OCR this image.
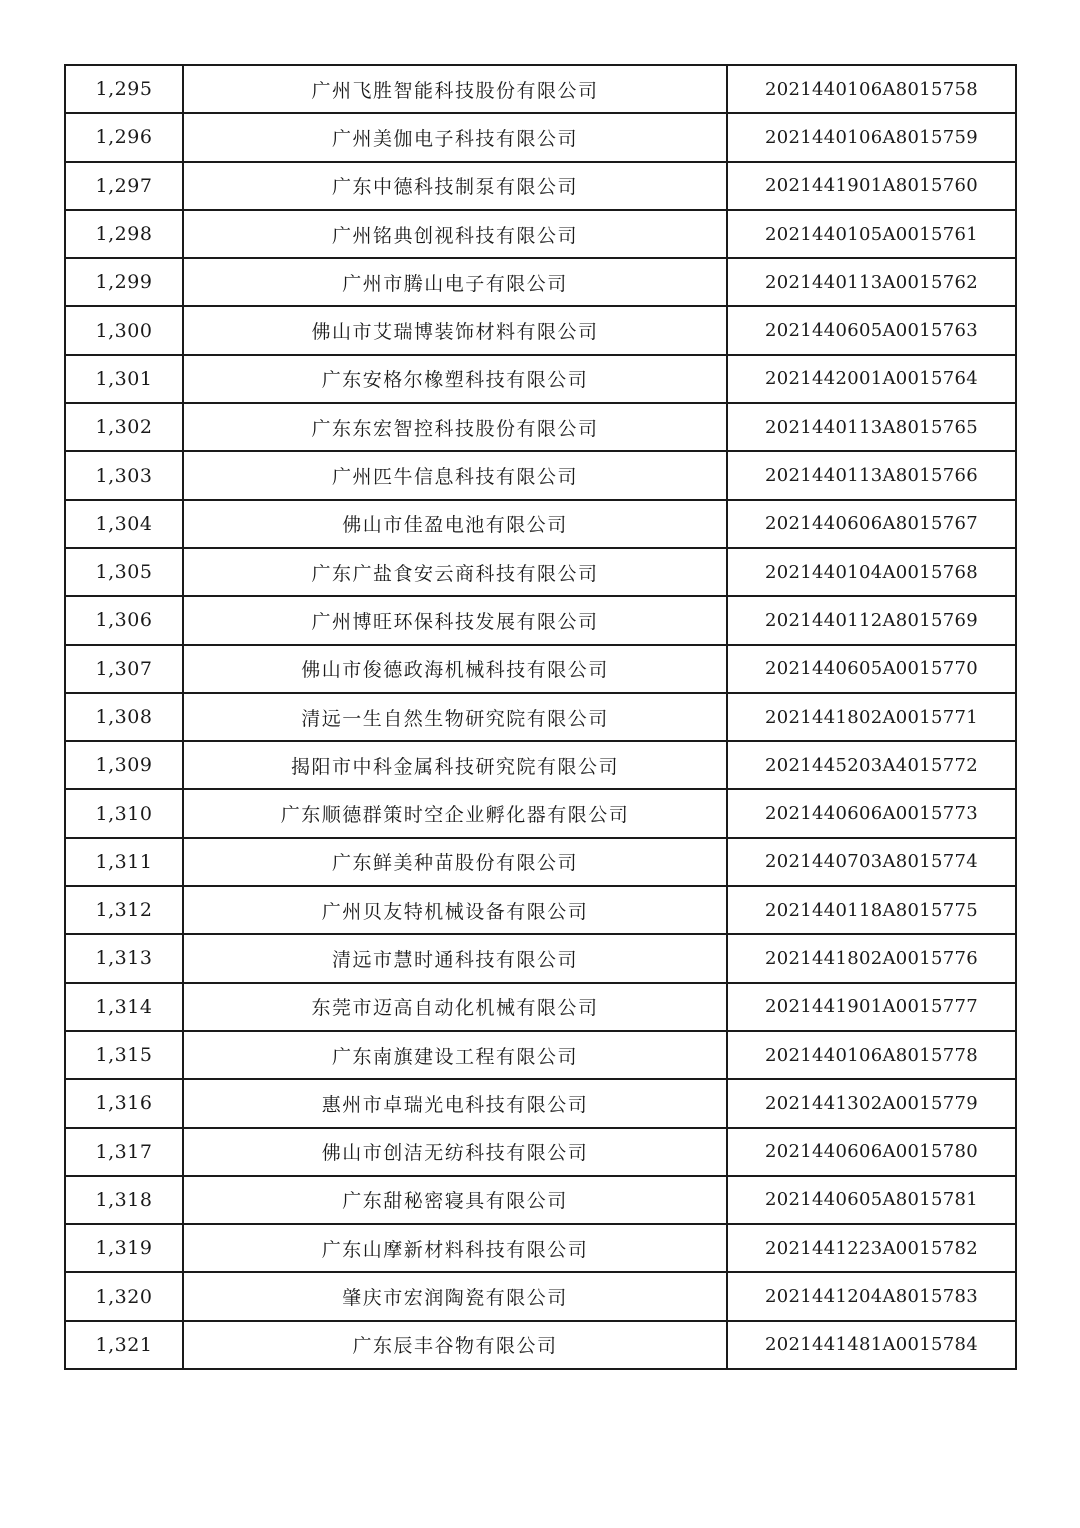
1,295	广州飞胜智能科技股份有限公司	2021440106A8015758
1,296	广州美伽电子科技有限公司	2021440106A8015759
1,297	广东中德科技制泵有限公司	2021441901A8015760
1,298	广州铭典创视科技有限公司	2021440105A0015761
1,299	广州市腾山电子有限公司	2021440113A0015762
1,300	佛山市艾瑞博装饰材料有限公司	2021440605A0015763
1,301	广东安格尔橡塑科技有限公司	2021442001A0015764
1,302	广东东宏智控科技股份有限公司	2021440113A8015765
1,303	广州匹牛信息科技有限公司	2021440113A8015766
1,304	佛山市佳盈电池有限公司	2021440606A8015767
1,305	广东广盐食安云商科技有限公司	2021440104A0015768
1,306	广州博旺环保科技发展有限公司	2021440112A8015769
1,307	佛山市俊德政海机械科技有限公司	2021440605A0015770
1,308	清远一生自然生物研究院有限公司	2021441802A0015771
1,309	揭阳市中科金属科技研究院有限公司	2021445203A4015772
1,310	广东顺德群策时空企业孵化器有限公司	2021440606A0015773
1,311	广东鲜美种苗股份有限公司	2021440703A8015774
1,312	广州贝友特机械设备有限公司	2021440118A8015775
1,313	清远市慧时通科技有限公司	2021441802A0015776
1,314	东莞市迈高自动化机械有限公司	2021441901A0015777
1,315	广东南旗建设工程有限公司	2021440106A8015778
1,316	惠州市卓瑞光电科技有限公司	2021441302A0015779
1,317	佛山市创洁无纺科技有限公司	2021440606A0015780
1,318	广东甜秘密寝具有限公司	2021440605A8015781
1,319	广东山摩新材料科技有限公司	2021441223A0015782
1,320	肇庆市宏润陶瓷有限公司	2021441204A8015783
1,321	广东辰丰谷物有限公司	2021441481A0015784
